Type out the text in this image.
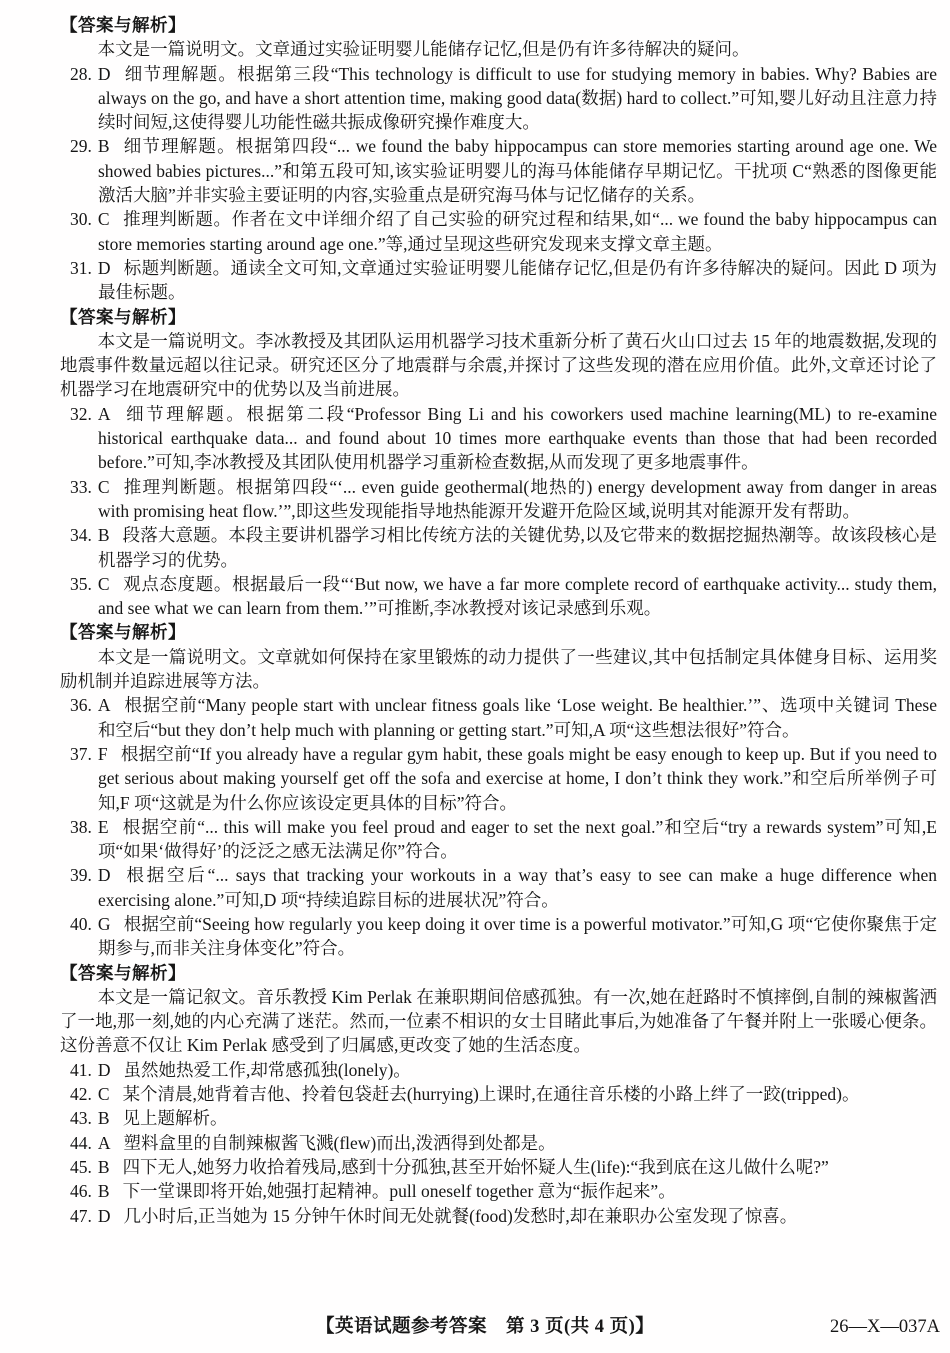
【答案与解析】

本文是一篇说明文。文章通过实验证明婴儿能储存记忆,但是仍有许多待解决的疑问。

28. D 细节理解题。根据第三段“This technology is difficult to use for studying memory in babies. Why? Babies are always on the go, and have a short attention time, making good data(数据) hard to collect.”可知,婴儿好动且注意力持续时间短,这使得婴儿功能性磁共振成像研究操作难度大。
29. B 细节理解题。根据第四段“... we found the baby hippocampus can store memories starting around age one. We showed babies pictures...”和第五段可知,该实验证明婴儿的海马体能储存早期记忆。干扰项 C“熟悉的图像更能激活大脑”并非实验主要证明的内容,实验重点是研究海马体与记忆储存的关系。
30. C 推理判断题。作者在文中详细介绍了自己实验的研究过程和结果,如“... we found the baby hippocampus can store memories starting around age one.”等,通过呈现这些研究发现来支撑文章主题。
31. D 标题判断题。通读全文可知,文章通过实验证明婴儿能储存记忆,但是仍有许多待解决的疑问。因此 D 项为最佳标题。
【答案与解析】

本文是一篇说明文。李冰教授及其团队运用机器学习技术重新分析了黄石火山口过去 15 年的地震数据,发现的地震事件数量远超以往记录。研究还区分了地震群与余震,并探讨了这些发现的潜在应用价值。此外,文章还讨论了机器学习在地震研究中的优势以及当前进展。

32. A 细节理解题。根据第二段“Professor Bing Li and his coworkers used machine learning(ML) to re-examine historical earthquake data... and found about 10 times more earthquake events than those that had been recorded before.”可知,李冰教授及其团队使用机器学习重新检查数据,从而发现了更多地震事件。
33. C 推理判断题。根据第四段“‘... even guide geothermal(地热的) energy development away from danger in areas with promising heat flow.’”,即这些发现能指导地热能源开发避开危险区域,说明其对能源开发有帮助。
34. B 段落大意题。本段主要讲机器学习相比传统方法的关键优势,以及它带来的数据挖掘热潮等。故该段核心是机器学习的优势。
35. C 观点态度题。根据最后一段“‘But now, we have a far more complete record of earthquake activity... study them, and see what we can learn from them.’”可推断,李冰教授对该记录感到乐观。
【答案与解析】

本文是一篇说明文。文章就如何保持在家里锻炼的动力提供了一些建议,其中包括制定具体健身目标、运用奖励机制并追踪进展等方法。

36. A 根据空前“Many people start with unclear fitness goals like ‘Lose weight. Be healthier.’”、选项中关键词 These 和空后“but they don’t help much with planning or getting start.”可知,A 项“这些想法很好”符合。
37. F 根据空前“If you already have a regular gym habit, these goals might be easy enough to keep up. But if you need to get serious about making yourself get off the sofa and exercise at home, I don’t think they work.”和空后所举例子可知,F 项“这就是为什么你应该设定更具体的目标”符合。
38. E 根据空前“... this will make you feel proud and eager to set the next goal.”和空后“try a rewards system”可知,E 项“如果‘做得好’的泛泛之感无法满足你”符合。
39. D 根据空后“... says that tracking your workouts in a way that’s easy to see can make a huge difference when exercising alone.”可知,D 项“持续追踪目标的进展状况”符合。
40. G 根据空前“Seeing how regularly you keep doing it over time is a powerful motivator.”可知,G 项“它使你聚焦于定期参与,而非关注身体变化”符合。
【答案与解析】

本文是一篇记叙文。音乐教授 Kim Perlak 在兼职期间倍感孤独。有一次,她在赶路时不慎摔倒,自制的辣椒酱洒了一地,那一刻,她的内心充满了迷茫。然而,一位素不相识的女士目睹此事后,为她准备了午餐并附上一张暖心便条。这份善意不仅让 Kim Perlak 感受到了归属感,更改变了她的生活态度。

41. D 虽然她热爱工作,却常感孤独(lonely)。
42. C 某个清晨,她背着吉他、拎着包袋赶去(hurrying)上课时,在通往音乐楼的小路上绊了一跤(tripped)。
43. B 见上题解析。
44. A 塑料盒里的自制辣椒酱飞溅(flew)而出,泼洒得到处都是。
45. B 四下无人,她努力收拾着残局,感到十分孤独,甚至开始怀疑人生(life):“我到底在这儿做什么呢?”
46. B 下一堂课即将开始,她强打起精神。pull oneself together 意为“振作起来”。
47. D 几小时后,正当她为 15 分钟午休时间无处就餐(food)发愁时,却在兼职办公室发现了惊喜。
【英语试题参考答案　第 3 页(共 4 页)】	26—X—037A
